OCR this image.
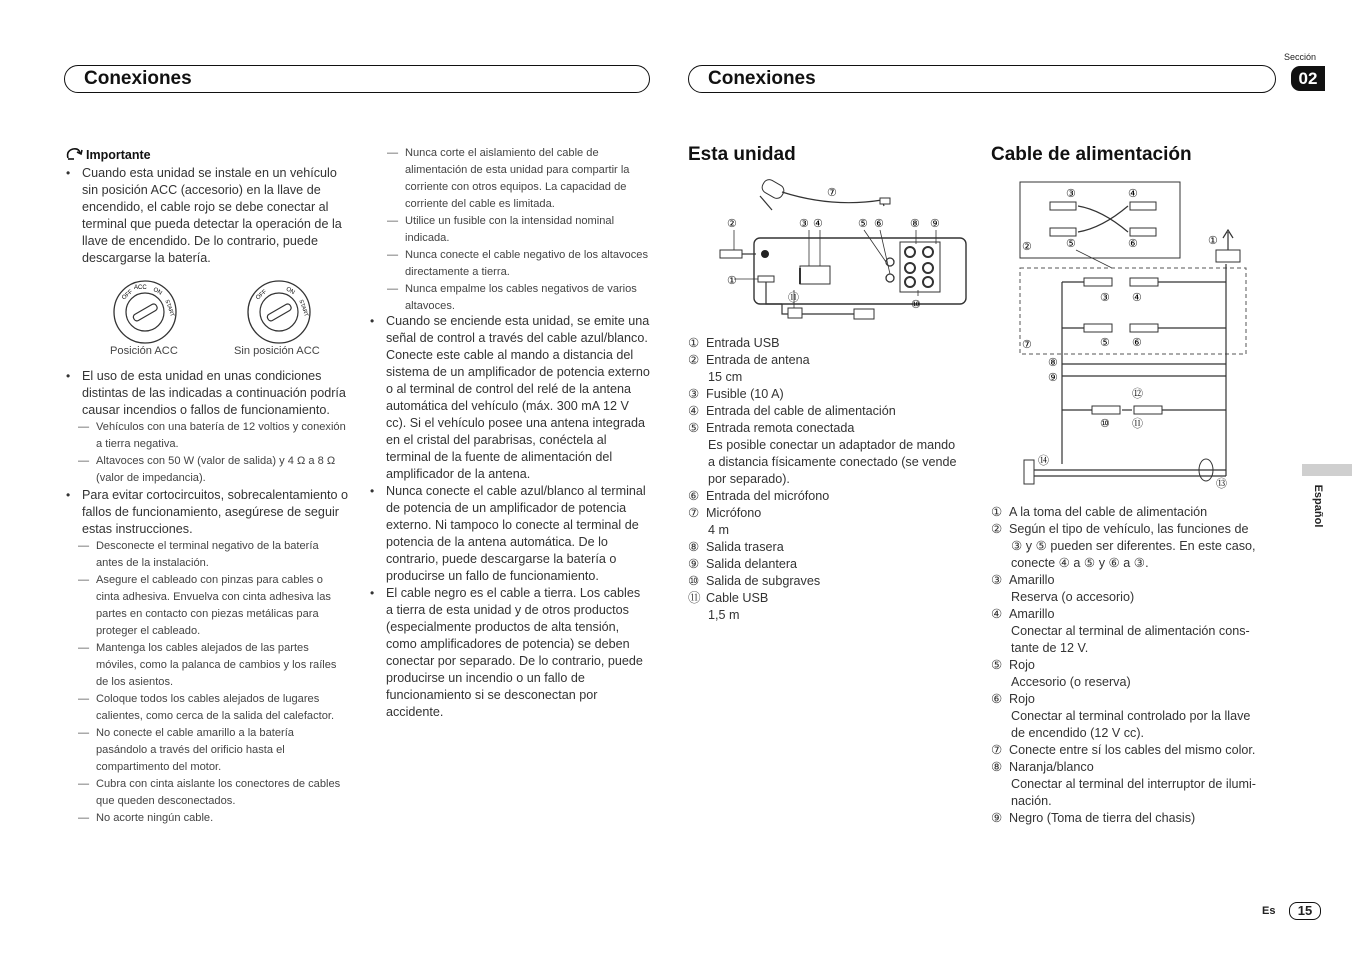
Conexiones	Conexiones
Sección
02
Importante
• Cuando esta unidad se instale en un vehículo sin posición ACC (accesorio) en la llave de encendido, el cable rojo se debe conectar al terminal que pueda detectar la operación de la llave de encendido. De lo contrario, puede descargarse la batería.
OFF
ACC ON
START
Posición ACC
OFF	ON
START
Sin posición ACC
• El uso de esta unidad en unas condiciones distintas de las indicadas a continuación podría causar incendios o fallos de funcionamiento.
— Vehículos con una batería de 12 voltios y conexión a tierra negativa.
— Altavoces con 50 W (valor de salida) y 4 Ω a 8 Ω (valor de impedancia).
• Para evitar cortocircuitos, sobrecalentamiento o fallos de funcionamiento, asegúrese de seguir estas instrucciones.
— Desconecte el terminal negativo de la batería antes de la instalación.
— Asegure el cableado con pinzas para cables o cinta adhesiva. Envuelva con cinta adhesiva las partes en contacto con piezas metálicas para proteger el cableado.
— Mantenga los cables alejados de las partes móviles, como la palanca de cambios y los raíles de los asientos.
— Coloque todos los cables alejados de lugares calientes, como cerca de la salida del calefactor.
— No conecte el cable amarillo a la batería pasándolo a través del orificio hasta el compartimento del motor.
— Cubra con cinta aislante los conectores de cables que queden desconectados.
— No acorte ningún cable.
— Nunca corte el aislamiento del cable de alimentación de esta unidad para compartir la corriente con otros equipos. La capacidad de corriente del cable es limitada.
— Utilice un fusible con la intensidad nominal indicada.
— Nunca conecte el cable negativo de los altavoces directamente a tierra.
— Nunca empalme los cables negativos de varios altavoces.
• Cuando se enciende esta unidad, se emite una señal de control a través del cable azul/blanco. Conecte este cable al mando a distancia del sistema de un amplificador de potencia externo o al terminal de control del relé de la antena automática del vehículo (máx. 300 mA 12 V cc). Si el vehículo posee una antena integrada en el cristal del parabrisas, conéctela al terminal de la fuente de alimentación del amplificador de la antena.
• Nunca conecte el cable azul/blanco al terminal de potencia de un amplificador de potencia externo. Ni tampoco lo conecte al terminal de potencia de la antena automática. De lo contrario, puede descargarse la batería o producirse un fallo de funcionamiento.
• El cable negro es el cable a tierra. Los cables a tierra de esta unidad y de otros productos (especialmente productos de alta tensión, como amplificadores de potencia) se deben conectar por separado. De lo contrario, puede producirse un incendio o un fallo de funcionamiento si se desconectan por accidente.
Esta unidad
①
②	③ ④	⑤ ⑥
⑦
⑧ ⑨
⑩
⑪
① Entrada USB
② Entrada de antena
15 cm
③ Fusible (10 A)
④ Entrada del cable de alimentación
⑤ Entrada remota conectada
Es posible conectar un adaptador de mando
a distancia físicamente conectado (se vende
por separado).
⑥ Entrada del micrófono
⑦ Micrófono
4 m
⑧ Salida trasera
⑨ Salida delantera
⑩ Salida de subgraves
⑪ Cable USB
1,5 m
Cable de alimentación
①
②
③	④
⑤	⑥
③ ④
⑤ ⑥
⑦
⑧
⑨
⑩ ⑪
⑫
⑬
⑭
① A la toma del cable de alimentación
② Según el tipo de vehículo, las funciones de
③ y ⑤ pueden ser diferentes. En este caso,
conecte ④ a ⑤ y ⑥ a ③.
③ Amarillo
Reserva (o accesorio)
④ Amarillo
Conectar al terminal de alimentación cons-
tante de 12 V.
⑤ Rojo
Accesorio (o reserva)
⑥ Rojo
Conectar al terminal controlado por la llave
de encendido (12 V cc).
⑦ Conecte entre sí los cables del mismo color.
⑧ Naranja/blanco
Conectar al terminal del interruptor de ilumi-
nación.
⑨ Negro (Toma de tierra del chasis)
Español
Es	15
